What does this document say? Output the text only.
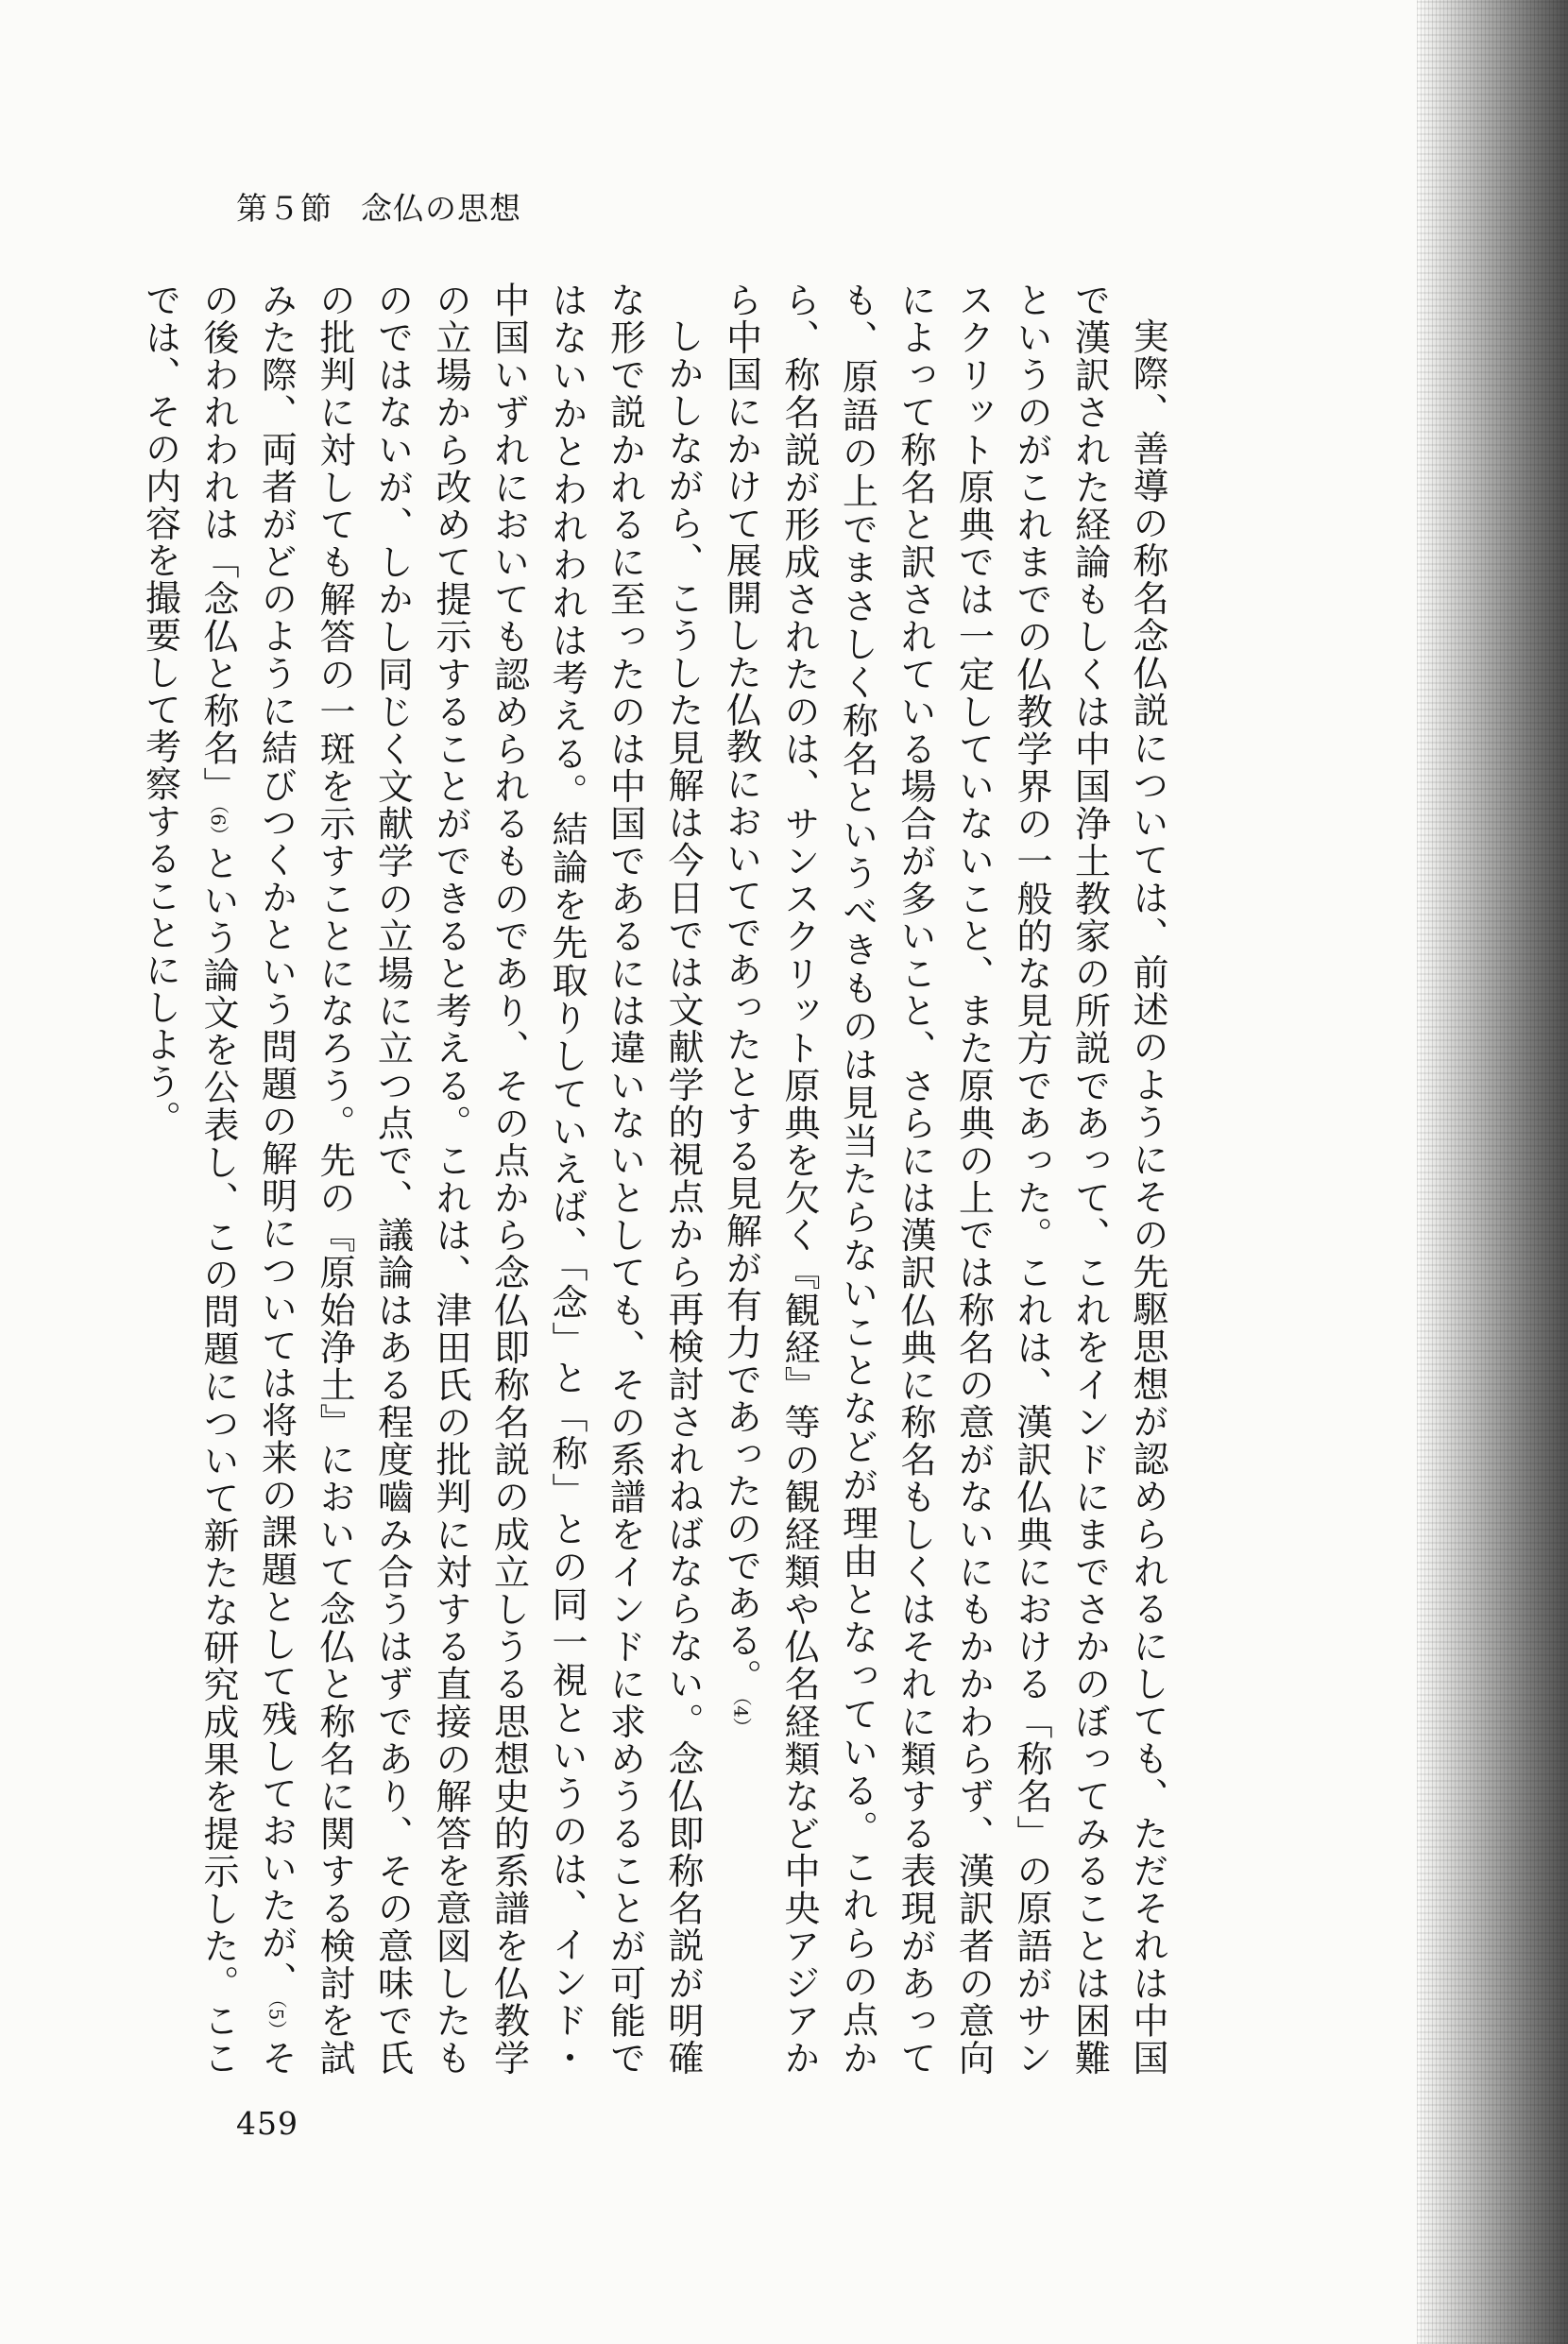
第５節 念仏の思想

実際、善導の称名念仏説については、前述のようにその先駆思想が認められるにしても、ただそれは中国で漢訳された経論もしくは中国浄土教家の所説であって、これをインドにまでさかのぼってみることは困難というのがこれまでの仏教学界の一般的な見方であった。これは、漢訳仏典における「称名」の原語がサンスクリット原典では一定していないこと、また原典の上では称名の意がないにもかかわらず、漢訳者の意向によって称名と訳されている場合が多いこと、さらには漢訳仏典に称名もしくはそれに類する表現があっても、原語の上でまさしく称名というべきものは見当たらないことなどが理由となっている。これらの点から、称名説が形成されたのは、サンスクリット原典を欠く『観経』等の観経類や仏名経類など中央アジアから中国にかけて展開した仏教においてであったとする見解が有力であったのである。（4）

しかしながら、こうした見解は今日では文献学的視点から再検討されねばならない。念仏即称名説が明確な形で説かれるに至ったのは中国であるには違いないとしても、その系譜をインドに求めうることが可能ではないかとわれわれは考える。結論を先取りしていえば、「念」と「称」との同一視というのは、インド・中国いずれにおいても認められるものであり、その点から念仏即称名説の成立しうる思想史的系譜を仏教学の立場から改めて提示することができると考える。これは、津田氏の批判に対する直接の解答を意図したものではないが、しかし同じく文献学の立場に立つ点で、議論はある程度嚙み合うはずであり、その意味で氏の批判に対しても解答の一斑を示すことになろう。先の『原始浄土』において念仏と称名に関する検討を試みた際、両者がどのように結びつくかという問題の解明については将来の課題として残しておいたが、（5）その後われわれは「念仏と称名」（6）という論文を公表し、この問題について新たな研究成果を提示した。ここでは、その内容を撮要して考察することにしよう。

459
